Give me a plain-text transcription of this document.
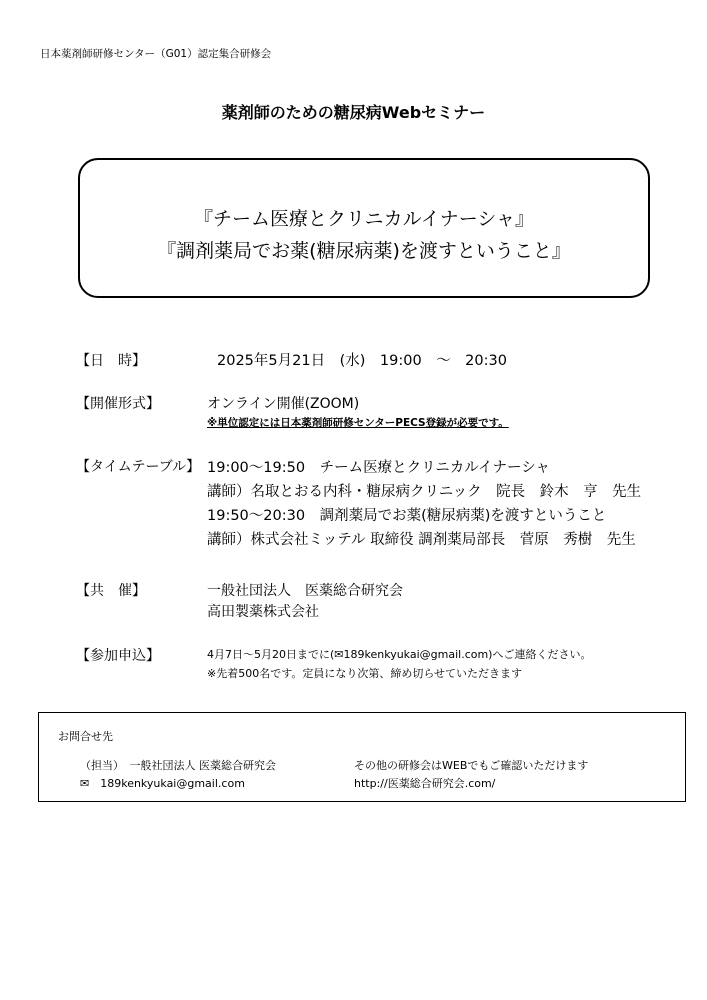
日本薬剤師研修センター（G01）認定集合研修会
薬剤師のための糖尿病Webセミナー
『チーム医療とクリニカルイナーシャ』
『調剤薬局でお薬(糖尿病薬)を渡すということ』
【日　時】	2025年5月21日　(水)　19:00　～　20:30
【開催形式】	オンライン開催(ZOOM)
※単位認定には日本薬剤師研修センターPECS登録が必要です。
【タイムテーブル】 19:00～19:50　チーム医療とクリニカルイナーシャ
講師）名取とおる内科・糖尿病クリニック　院長　鈴木　亨　先生
19:50～20:30　調剤薬局でお薬(糖尿病薬)を渡すということ
講師）株式会社ミッテル 取締役 調剤薬局部長　菅原　秀樹　先生
【共　催】	一般社団法人　医薬総合研究会
高田製薬株式会社
【参加申込】	4月7日～5月20日までに(✉189kenkyukai@gmail.com)へご連絡ください。
※先着500名です。定員になり次第、締め切らせていただきます
お問合せ先
（担当）　一般社団法人 医薬総合研究会
✉　189kenkyukai@gmail.com
その他の研修会はWEBでもご確認いただけます
http://医薬総合研究会.com/
